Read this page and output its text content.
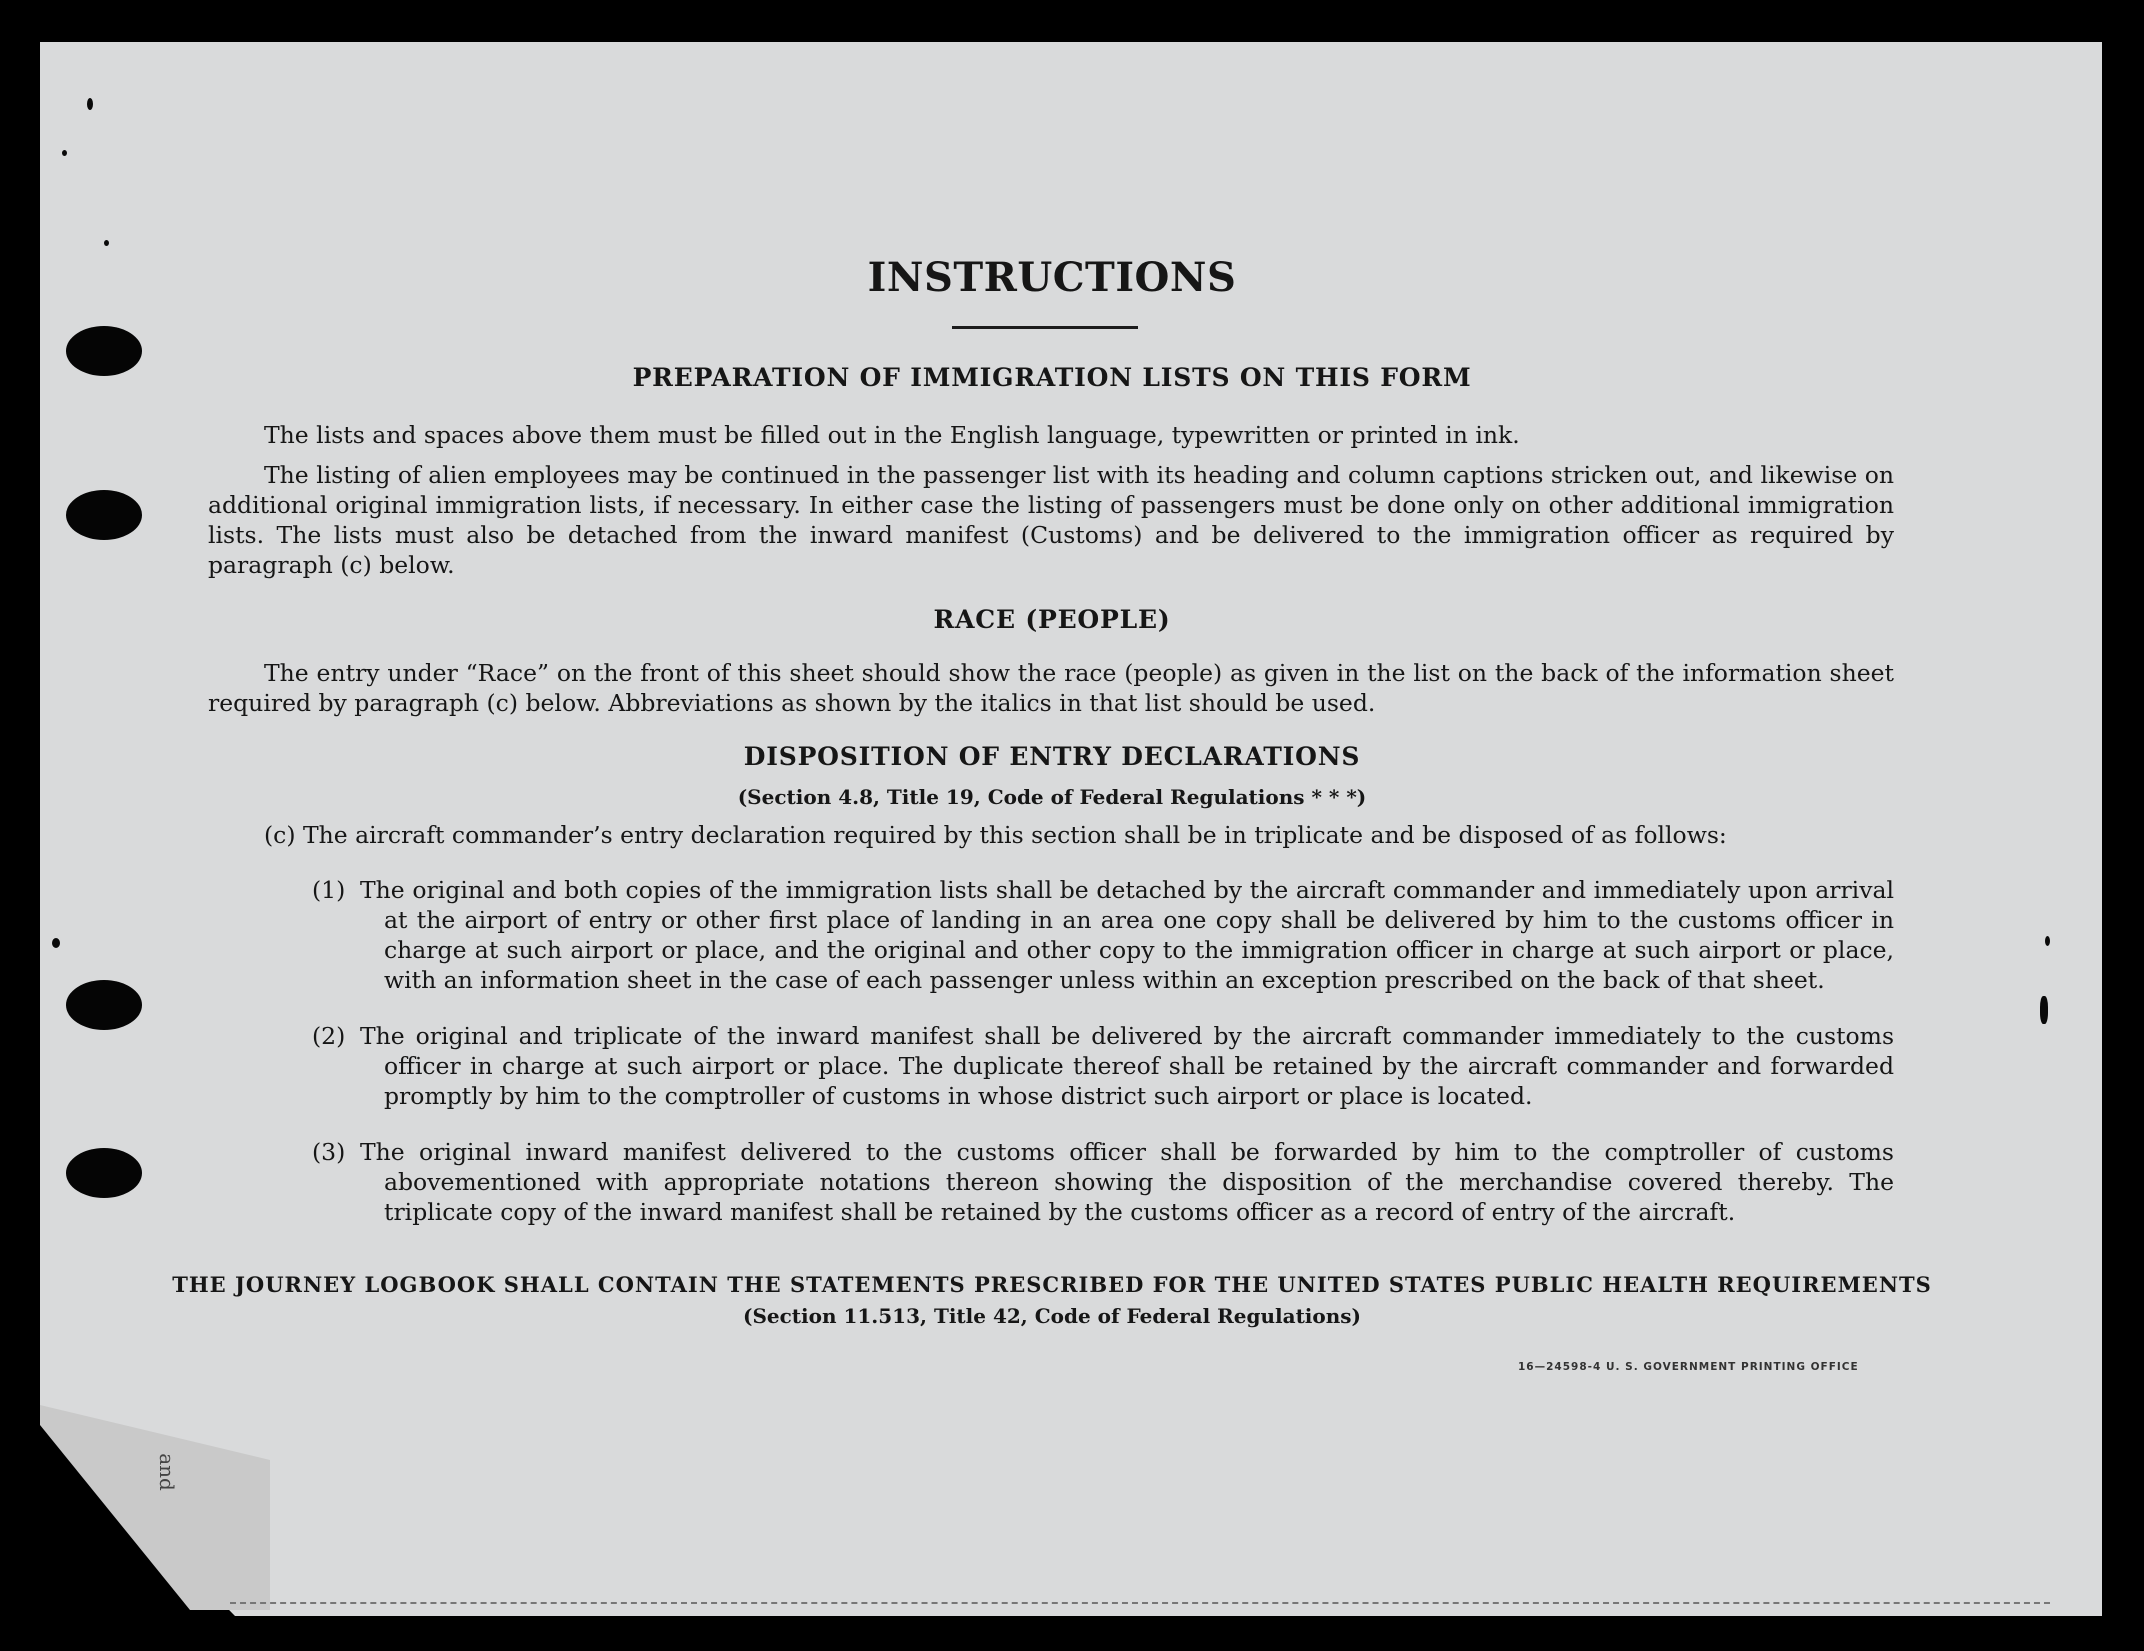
and
INSTRUCTIONS
PREPARATION OF IMMIGRATION LISTS ON THIS FORM

The lists and spaces above them must be filled out in the English language, typewritten or printed in ink.

The listing of alien employees may be continued in the passenger list with its heading and column captions stricken out, and likewise on additional original immigration lists, if necessary. In either case the listing of passengers must be done only on other additional immigration lists. The lists must also be detached from the inward manifest (Customs) and be delivered to the immigration officer as required by paragraph (c) below.

RACE (PEOPLE)

The entry under “Race” on the front of this sheet should show the race (people) as given in the list on the back of the information sheet required by paragraph (c) below. Abbreviations as shown by the italics in that list should be used.

DISPOSITION OF ENTRY DECLARATIONS
(Section 4.8, Title 19, Code of Federal Regulations * * *)

(c) The aircraft commander’s entry declaration required by this section shall be in triplicate and be disposed of as follows:

(1) The original and both copies of the immigration lists shall be detached by the aircraft commander and immediately upon arrival at the airport of entry or other first place of landing in an area one copy shall be delivered by him to the customs officer in charge at such airport or place, and the original and other copy to the immigration officer in charge at such airport or place, with an information sheet in the case of each passenger unless within an exception prescribed on the back of that sheet.

(2) The original and triplicate of the inward manifest shall be delivered by the aircraft commander immediately to the customs officer in charge at such airport or place. The duplicate thereof shall be retained by the aircraft commander and forwarded promptly by him to the comptroller of customs in whose district such airport or place is located.

(3) The original inward manifest delivered to the customs officer shall be forwarded by him to the comptroller of customs abovementioned with appropriate notations thereon showing the disposition of the merchandise covered thereby. The triplicate copy of the inward manifest shall be retained by the customs officer as a record of entry of the aircraft.

THE JOURNEY LOGBOOK SHALL CONTAIN THE STATEMENTS PRESCRIBED FOR THE UNITED STATES PUBLIC HEALTH REQUIREMENTS
(Section 11.513, Title 42, Code of Federal Regulations)
16—24598-4 U. S. GOVERNMENT PRINTING OFFICE
